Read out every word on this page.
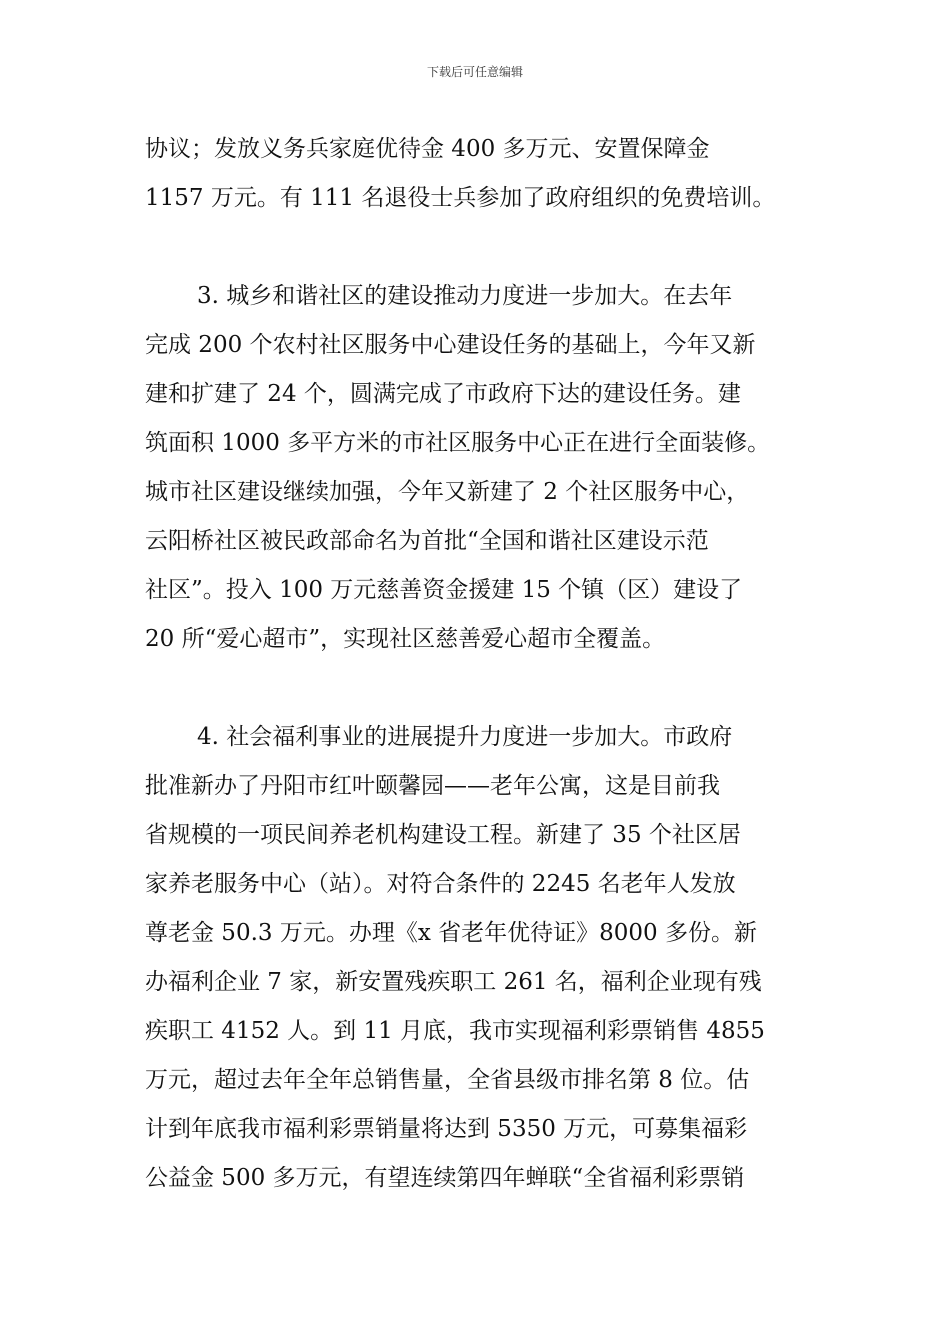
下载后可任意编辑
协议；发放义务兵家庭优待金 400 多万元、安置保障金
1157 万元。有 111 名退役士兵参加了政府组织的免费培训。
3. 城乡和谐社区的建设推动力度进一步加大。在去年
完成 200 个农村社区服务中心建设任务的基础上，今年又新
建和扩建了 24 个，圆满完成了市政府下达的建设任务。建
筑面积 1000 多平方米的市社区服务中心正在进行全面装修。
城市社区建设继续加强，今年又新建了 2 个社区服务中心，
云阳桥社区被民政部命名为首批“全国和谐社区建设示范
社区”。投入 100 万元慈善资金援建 15 个镇（区）建设了
20 所“爱心超市”，实现社区慈善爱心超市全覆盖。
4. 社会福利事业的进展提升力度进一步加大。市政府
批准新办了丹阳市红叶颐馨园——老年公寓，这是目前我
省规模的一项民间养老机构建设工程。新建了 35 个社区居
家养老服务中心（站）。对符合条件的 2245 名老年人发放
尊老金 50.3 万元。办理《x 省老年优待证》8000 多份。新
办福利企业 7 家，新安置残疾职工 261 名，福利企业现有残
疾职工 4152 人。到 11 月底，我市实现福利彩票销售 4855
万元，超过去年全年总销售量，全省县级市排名第 8 位。估
计到年底我市福利彩票销量将达到 5350 万元，可募集福彩
公益金 500 多万元，有望连续第四年蝉联“全省福利彩票销
